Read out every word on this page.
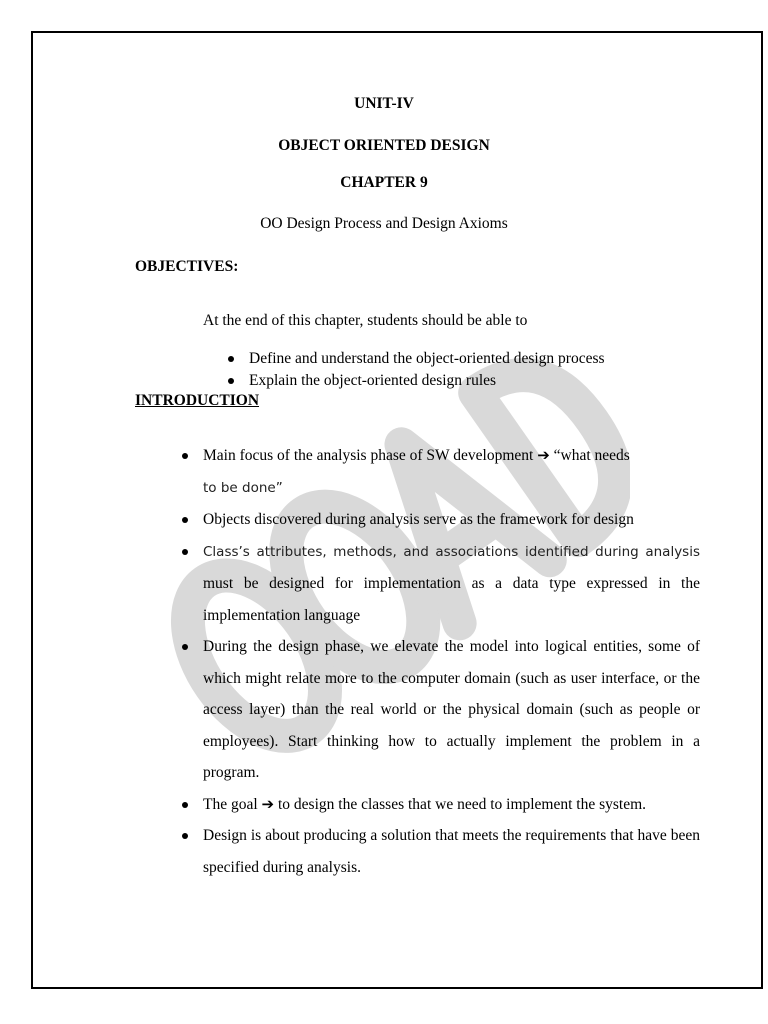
UNIT-IV
OBJECT ORIENTED DESIGN
CHAPTER 9
OO Design Process and Design Axioms
OBJECTIVES:
At the end of this chapter, students should be able to
Define and understand the object-oriented design process
Explain the object-oriented design rules
INTRODUCTION
Main focus of the analysis phase of SW development ➔ “what needs
to be done”
Objects discovered during analysis serve as the framework for design
Class’s attributes, methods, and associations identified during analysis must be designed for implementation as a data type expressed in the implementation language
During the design phase, we elevate the model into logical entities, some of which might relate more to the computer domain (such as user interface, or the access layer) than the real world or the physical domain (such as people or employees). Start thinking how to actually implement the problem in a program.
The goal ➔ to design the classes that we need to implement the system.
Design is about producing a solution that meets the requirements that have been specified during analysis.
